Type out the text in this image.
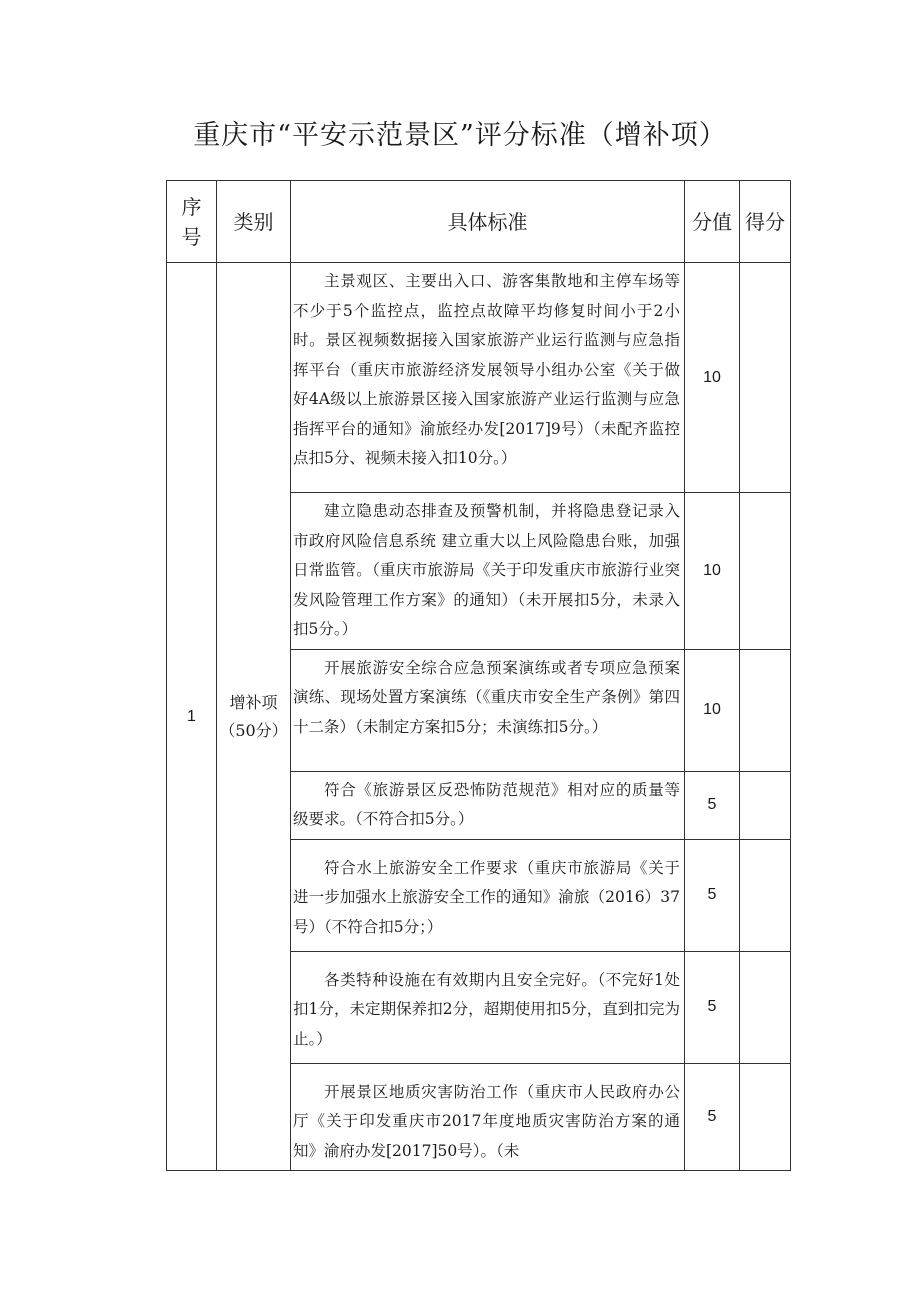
重庆市“平安示范景区”评分标准（增补项）
序
号	类别	具体标准	分值	得分
1	增补项（50分）	主景观区、主要出入口、游客集散地和主停车场等不少于5个监控点，监控点故障平均修复时间小于2小时。景区视频数据接入国家旅游产业运行监测与应急指挥平台（重庆市旅游经济发展领导小组办公室《关于做好4A级以上旅游景区接入国家旅游产业运行监测与应急指挥平台的通知》渝旅经办发[2017]9号）（未配齐监控点扣5分、视频未接入扣10分。）	10	

		建立隐患动态排查及预警机制，并将隐患登记录入市政府风险信息系统 建立重大以上风险隐患台账，加强日常监管。（重庆市旅游局《关于印发重庆市旅游行业突发风险管理工作方案》的通知）（未开展扣5分，未录入扣5分。）	10	

		开展旅游安全综合应急预案演练或者专项应急预案演练、现场处置方案演练（《重庆市安全生产条例》第四十二条）（未制定方案扣5分；未演练扣5分。）	10	

		符合《旅游景区反恐怖防范规范》相对应的质量等级要求。（不符合扣5分。）	5	

		符合水上旅游安全工作要求（重庆市旅游局《关于进一步加强水上旅游安全工作的通知》渝旅（2016）37号）（不符合扣5分；）	5	

		各类特种设施在有效期内且安全完好。（不完好1处扣1分，未定期保养扣2分，超期使用扣5分，直到扣完为止。）	5	

		开展景区地质灾害防治工作（重庆市人民政府办公厅《关于印发重庆市2017年度地质灾害防治方案的通知》渝府办发[2017]50号）。（未	5	
